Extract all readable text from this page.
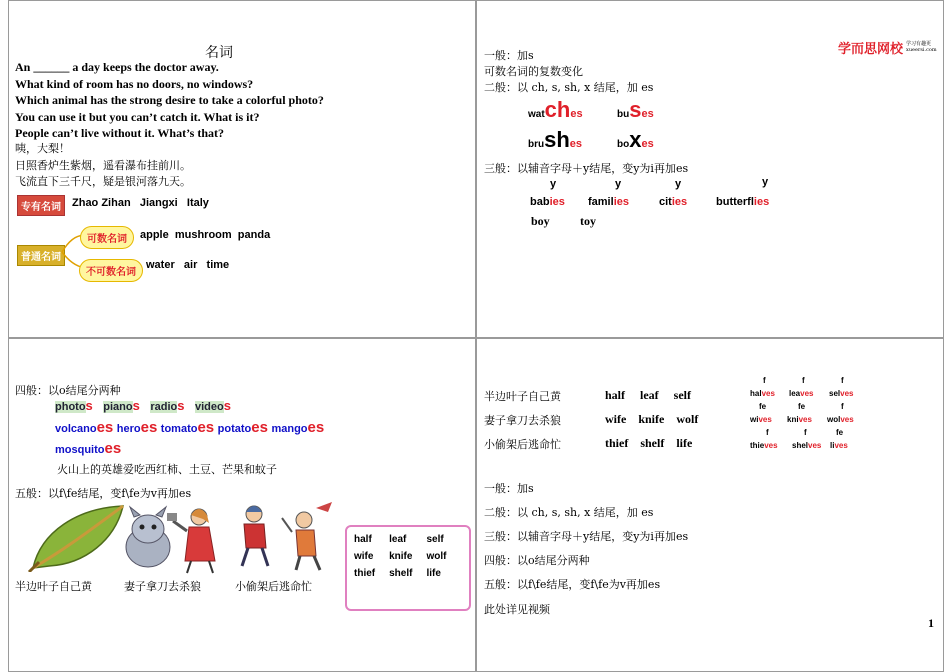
名词
An ______ a day keeps the doctor away.
What kind of room has no doors, no windows?
Which animal has the strong desire to take a colorful photo?
You can use it but you can’t catch it. What is it?
People can’t live without it. What’s that?
咦，大梨！
日照香炉生紫烟，遥看瀑布挂前川。
飞流直下三千尺，疑是银河落九天。
专有名词	Zhao Zihan   Jiangxi   Italy
普通名词
可数名词	apple  mushroom  panda
不可数名词
water   air   time
学而思网校 学习有趣更
xueersi.com
一般：加s
可数名词的复数变化
二般：以 ch, s, sh, x 结尾，加 es
watches	buses
brushes	boxes
三般：以辅音字母＋y结尾，变y为i再加es
y	y	y	y
babies families	cities	butterflies
boy	toy
四般：以o结尾分两种
photos pianos radios videos
volcanoes heroes tomatoes potatoes mangoes
mosquitoes
火山上的英雄爱吃西红柿、土豆、芒果和蚊子
五般：以f\fe结尾，变f\fe为v再加es
半边叶子自己黄	妻子拿刀去杀狼	小偷架后逃命忙
half	leaf	self
wife	knife	wolf
thief	shelf	life
半边叶子自己黄	half leaf self
妻子拿刀去杀狼	wife knife wolf
小偷架后逃命忙	thief shelf life
f	f	f
halves leaves selves
fe	fe	f
wives knives wolves
f	f	fe
thieves shelves lives
一般：加s
二般：以 ch, s, sh, x 结尾，加 es
三般：以辅音字母＋y结尾，变y为i再加es
四般：以o结尾分两种
五般：以f\fe结尾，变f\fe为v再加es
此处详见视频
1
